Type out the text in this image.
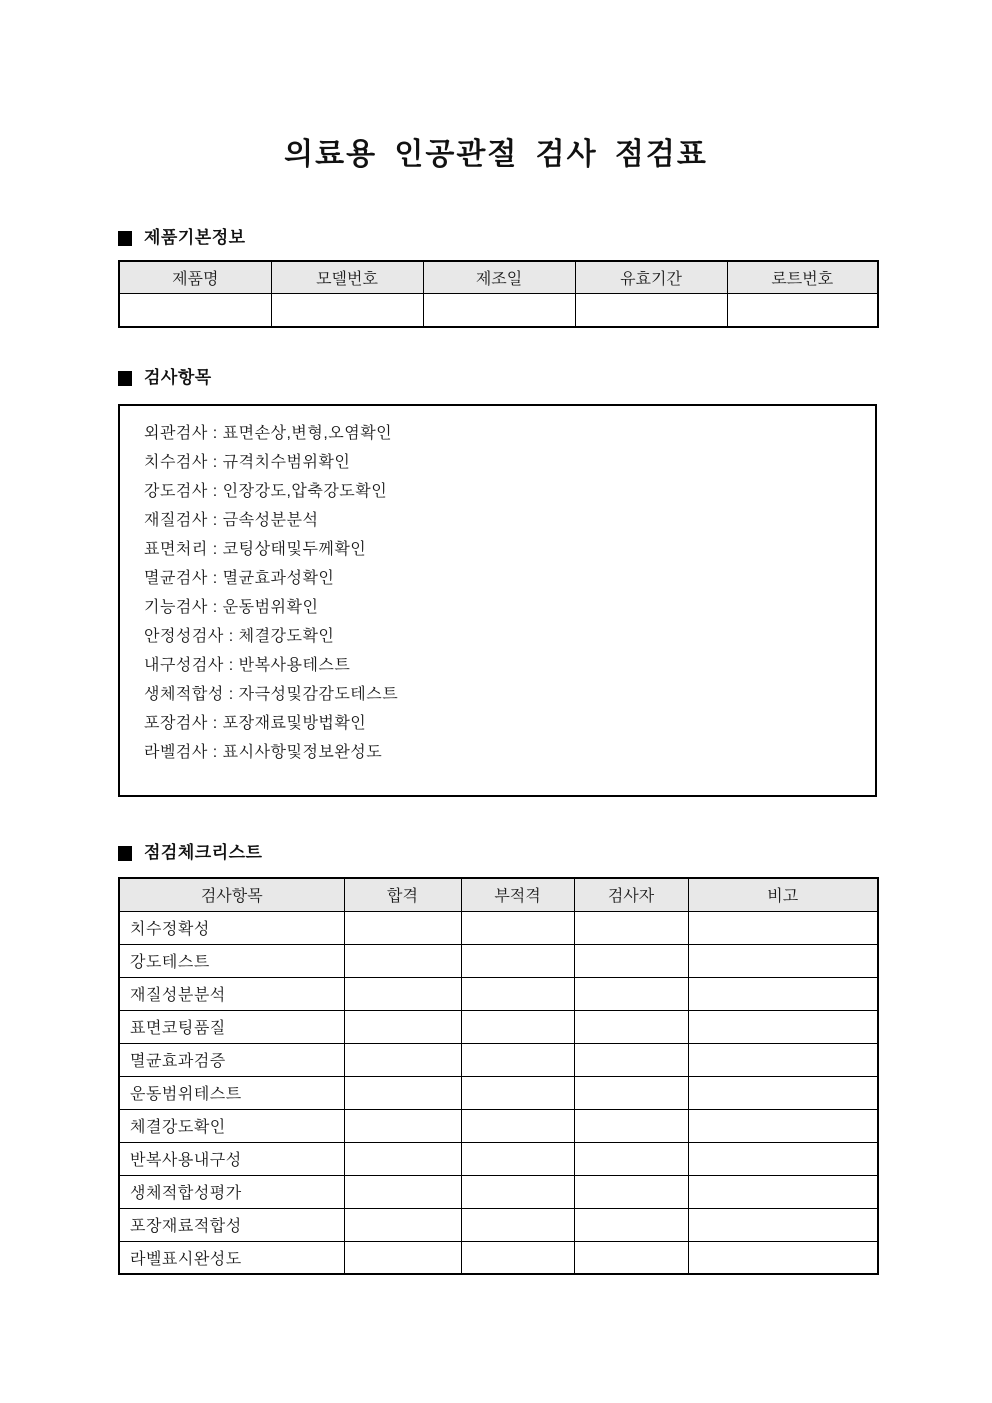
의료용 인공관절 검사 점검표
제품기본정보
제품명	모델번호	제조일	유효기간	로트번호

검사항목
외관검사 : 표면손상,변형,오염확인
치수검사 : 규격치수범위확인
강도검사 : 인장강도,압축강도확인
재질검사 : 금속성분분석
표면처리 : 코팅상태및두께확인
멸균검사 : 멸균효과성확인
기능검사 : 운동범위확인
안정성검사 : 체결강도확인
내구성검사 : 반복사용테스트
생체적합성 : 자극성및감감도테스트
포장검사 : 포장재료및방법확인
라벨검사 : 표시사항및정보완성도
점검체크리스트
검사항목	합격	부적격	검사자	비고
치수정확성				
강도테스트				
재질성분분석				
표면코팅품질				
멸균효과검증				
운동범위테스트				
체결강도확인				
반복사용내구성				
생체적합성평가				
포장재료적합성				
라벨표시완성도				
